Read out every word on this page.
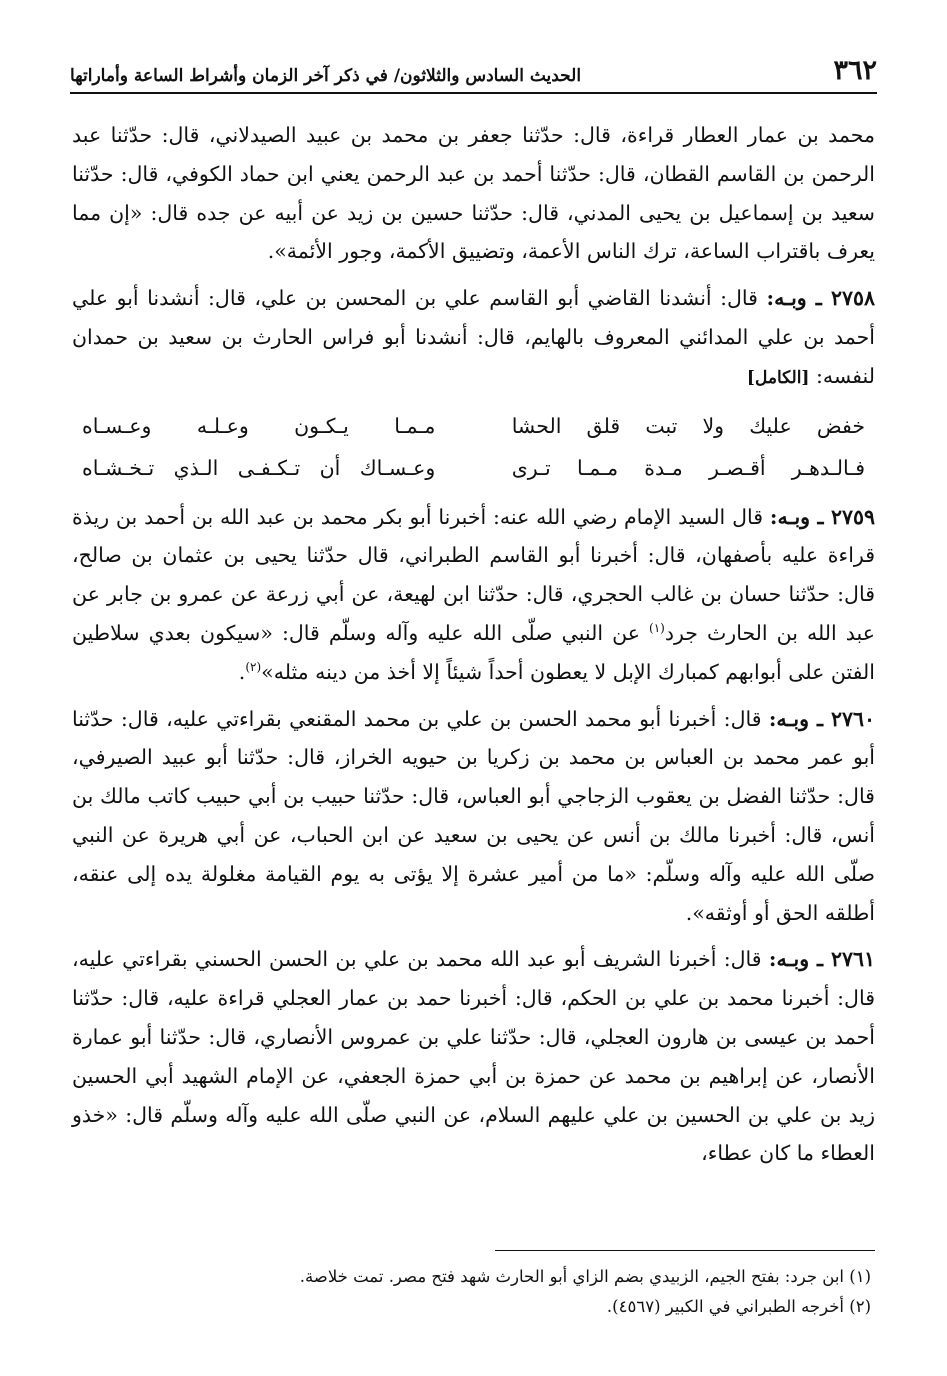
٣٦٢
الحديث السادس والثلاثون/ في ذكر آخر الزمان وأشراط الساعة وأماراتها

محمد بن عمار العطار قراءة، قال: حدّثنا جعفر بن محمد بن عبيد الصيدلاني، قال: حدّثنا عبد الرحمن بن القاسم القطان، قال: حدّثنا أحمد بن عبد الرحمن يعني ابن حماد الكوفي، قال: حدّثنا سعيد بن إسماعيل بن يحيى المدني، قال: حدّثنا حسين بن زيد عن أبيه عن جده قال: «إن مما يعرف باقتراب الساعة، ترك الناس الأعمة، وتضييق الأكمة، وجور الأئمة».

٢٧٥٨ ـ وبـه: قال: أنشدنا القاضي أبو القاسم علي بن المحسن بن علي، قال: أنشدنا أبو علي أحمد بن علي المدائني المعروف بالهايم، قال: أنشدنا أبو فراس الحارث بن سعيد بن حمدان لنفسه: [الكامل]

خفض عليك ولا تبت قلق الحشا
مـمـا يـكـون وعـلـه وعـسـاه
فـالـدهـر أقـصـر مـدة مـمـا تـرى
وعـسـاك أن تـكـفـى الـذي تـخـشـاه

٢٧٥٩ ـ وبـه: قال السيد الإمام رضي الله عنه: أخبرنا أبو بكر محمد بن عبد الله بن أحمد بن ريذة قراءة عليه بأصفهان، قال: أخبرنا أبو القاسم الطبراني، قال حدّثنا يحيى بن عثمان بن صالح، قال: حدّثنا حسان بن غالب الحجري، قال: حدّثنا ابن لهيعة، عن أبي زرعة عن عمرو بن جابر عن عبد الله بن الحارث جرد$^{(١)}$ عن النبي صلّى الله عليه وآله وسلّم قال: «سيكون بعدي سلاطين الفتن على أبوابهم كمبارك الإبل لا يعطون أحداً شيئاً إلا أخذ من دينه مثله»$^{(٢)}$.

٢٧٦٠ ـ وبـه: قال: أخبرنا أبو محمد الحسن بن علي بن محمد المقنعي بقراءتي عليه، قال: حدّثنا أبو عمر محمد بن العباس بن محمد بن زكريا بن حيويه الخراز، قال: حدّثنا أبو عبيد الصيرفي، قال: حدّثنا الفضل بن يعقوب الزجاجي أبو العباس، قال: حدّثنا حبيب بن أبي حبيب كاتب مالك بن أنس، قال: أخبرنا مالك بن أنس عن يحيى بن سعيد عن ابن الحباب، عن أبي هريرة عن النبي صلّى الله عليه وآله وسلّم: «ما من أمير عشرة إلا يؤتى به يوم القيامة مغلولة يده إلى عنقه، أطلقه الحق أو أوثقه».

٢٧٦١ ـ وبـه: قال: أخبرنا الشريف أبو عبد الله محمد بن علي بن الحسن الحسني بقراءتي عليه، قال: أخبرنا محمد بن علي بن الحكم، قال: أخبرنا حمد بن عمار العجلي قراءة عليه، قال: حدّثنا أحمد بن عيسى بن هارون العجلي، قال: حدّثنا علي بن عمروس الأنصاري، قال: حدّثنا أبو عمارة الأنصار، عن إبراهيم بن محمد عن حمزة بن أبي حمزة الجعفي، عن الإمام الشهيد أبي الحسين زيد بن علي بن الحسين بن علي عليهم السلام، عن النبي صلّى الله عليه وآله وسلّم قال: «خذو العطاء ما كان عطاء،

(١) ابن جرد: بفتح الجيم، الزبيدي بضم الزاي أبو الحارث شهد فتح مصر. تمت خلاصة.

(٢) أخرجه الطبراني في الكبير (٤٥٦٧).
